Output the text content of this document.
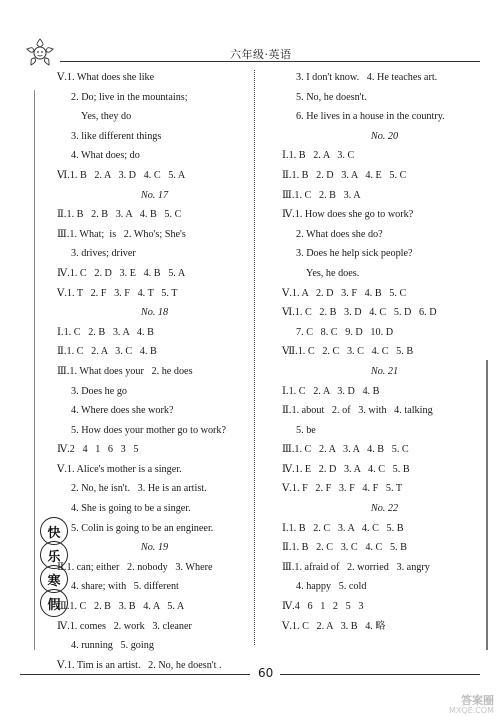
六年级·英语
Ⅴ.1. What does she like
2. Do; live in the mountains;
Yes, they do
3. like different things
4. What does; do
Ⅵ.1. B   2. A   3. D   4. C   5. A
No. 17
Ⅱ.1. B   2. B   3. A   4. B   5. C
Ⅲ.1. What;  is   2. Who's; She's
3. drives; driver
Ⅳ.1. C   2. D   3. E   4. B   5. A
Ⅴ.1. T   2. F   3. F   4. T   5. T
No. 18
Ⅰ.1. C   2. B   3. A   4. B
Ⅱ.1. C   2. A   3. C   4. B
Ⅲ.1. What does your   2. he does
3. Does he go
4. Where does she work?
5. How does your mother go to work?
Ⅳ.2   4   1   6   3   5
Ⅴ.1. Alice's mother is a singer.
2. No, he isn't.   3. He is an artist.
4. She is going to be a singer.
5. Colin is going to be an engineer.
No. 19
Ⅱ.1. can; either   2. nobody   3. Where
4. share; with   5. different
Ⅲ.1. C   2. B   3. B   4. A   5. A
Ⅳ.1. comes   2. work   3. cleaner
4. running   5. going
Ⅴ.1. Tim is an artist.   2. No, he doesn't .
3. I don't know.   4. He teaches art.
5. No, he doesn't.
6. He lives in a house in the country.
No. 20
Ⅰ.1. B   2. A   3. C
Ⅱ.1. B   2. D   3. A   4. E   5. C
Ⅲ.1. C   2. B   3. A
Ⅳ.1. How does she go to work?
2. What does she do?
3. Does he help sick people?
Yes, he does.
Ⅴ.1. A   2. D   3. F   4. B   5. C
Ⅵ.1. C   2. B   3. D   4. C   5. D   6. D
7. C   8. C   9. D   10. D
Ⅶ.1. C   2. C   3. C   4. C   5. B
No. 21
Ⅰ.1. C   2. A   3. D   4. B
Ⅱ.1. about   2. of   3. with   4. talking
5. be
Ⅲ.1. C   2. A   3. A   4. B   5. C
Ⅳ.1. E   2. D   3. A   4. C   5. B
Ⅴ.1. F   2. F   3. F   4. F   5. T
No. 22
Ⅰ.1. B   2. C   3. A   4. C   5. B
Ⅱ.1. B   2. C   3. C   4. C   5. B
Ⅲ.1. afraid of   2. worried   3. angry
4. happy   5. cold
Ⅳ.4   6   1   2   5   3
Ⅴ.1. C   2. A   3. B   4. 略
快
乐
寒
假
60
答案圈
MXQE.COM
